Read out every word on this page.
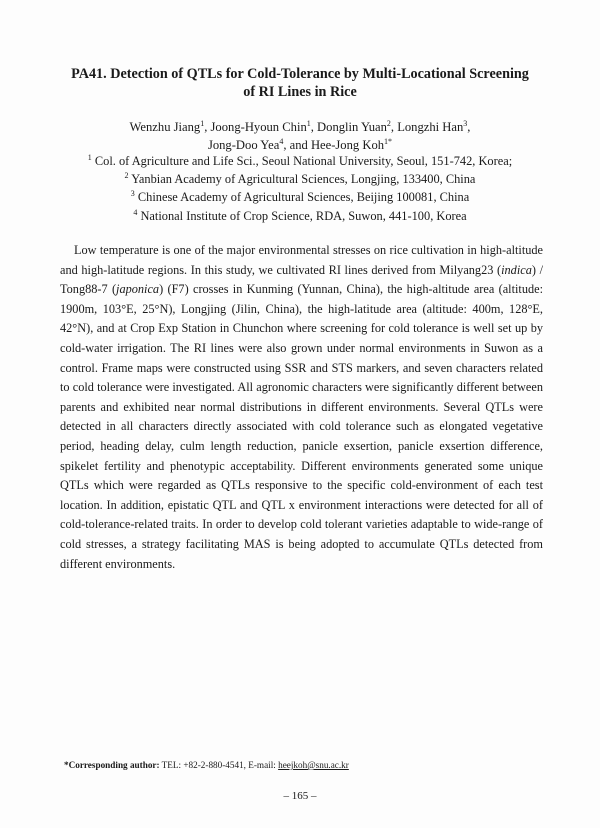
PA41. Detection of QTLs for Cold-Tolerance by Multi-Locational Screening
of RI Lines in Rice
Wenzhu Jiang$^1$, Joong-Hyoun Chin$^1$, Donglin Yuan$^2$, Longzhi Han$^3$,
Jong-Doo Yea$^4$, and Hee-Jong Koh$^{1*}$
$^1$ Col. of Agriculture and Life Sci., Seoul National University, Seoul, 151-742, Korea;
$^2$ Yanbian Academy of Agricultural Sciences, Longjing, 133400, China
$^3$ Chinese Academy of Agricultural Sciences, Beijing 100081, China
$^4$ National Institute of Crop Science, RDA, Suwon, 441-100, Korea

Low temperature is one of the major environmental stresses on rice cultivation in high-altitude and high-latitude regions. In this study, we cultivated RI lines derived from Milyang23 (indica) / Tong88-7 (japonica) (F7) crosses in Kunming (Yunnan, China), the high-altitude area (altitude: 1900m, 103°E, 25°N), Longjing (Jilin, China), the high-latitude area (altitude: 400m, 128°E, 42°N), and at Crop Exp Station in Chunchon where screening for cold tolerance is well set up by cold-water irrigation. The RI lines were also grown under normal environments in Suwon as a control. Frame maps were constructed using SSR and STS markers, and seven characters related to cold tolerance were investigated. All agronomic characters were significantly different between parents and exhibited near normal distributions in different environments. Several QTLs were detected in all characters directly associated with cold tolerance such as elongated vegetative period, heading delay, culm length reduction, panicle exsertion, panicle exsertion difference, spikelet fertility and phenotypic acceptability. Different environments generated some unique QTLs which were regarded as QTLs responsive to the specific cold-environment of each test location. In addition, epistatic QTL and QTL x environment interactions were detected for all of cold-tolerance-related traits. In order to develop cold tolerant varieties adaptable to wide-range of cold stresses, a strategy facilitating MAS is being adopted to accumulate QTLs detected from different environments.

*Corresponding author: TEL: +82-2-880-4541, E-mail: heejkoh@snu.ac.kr
– 165 –
